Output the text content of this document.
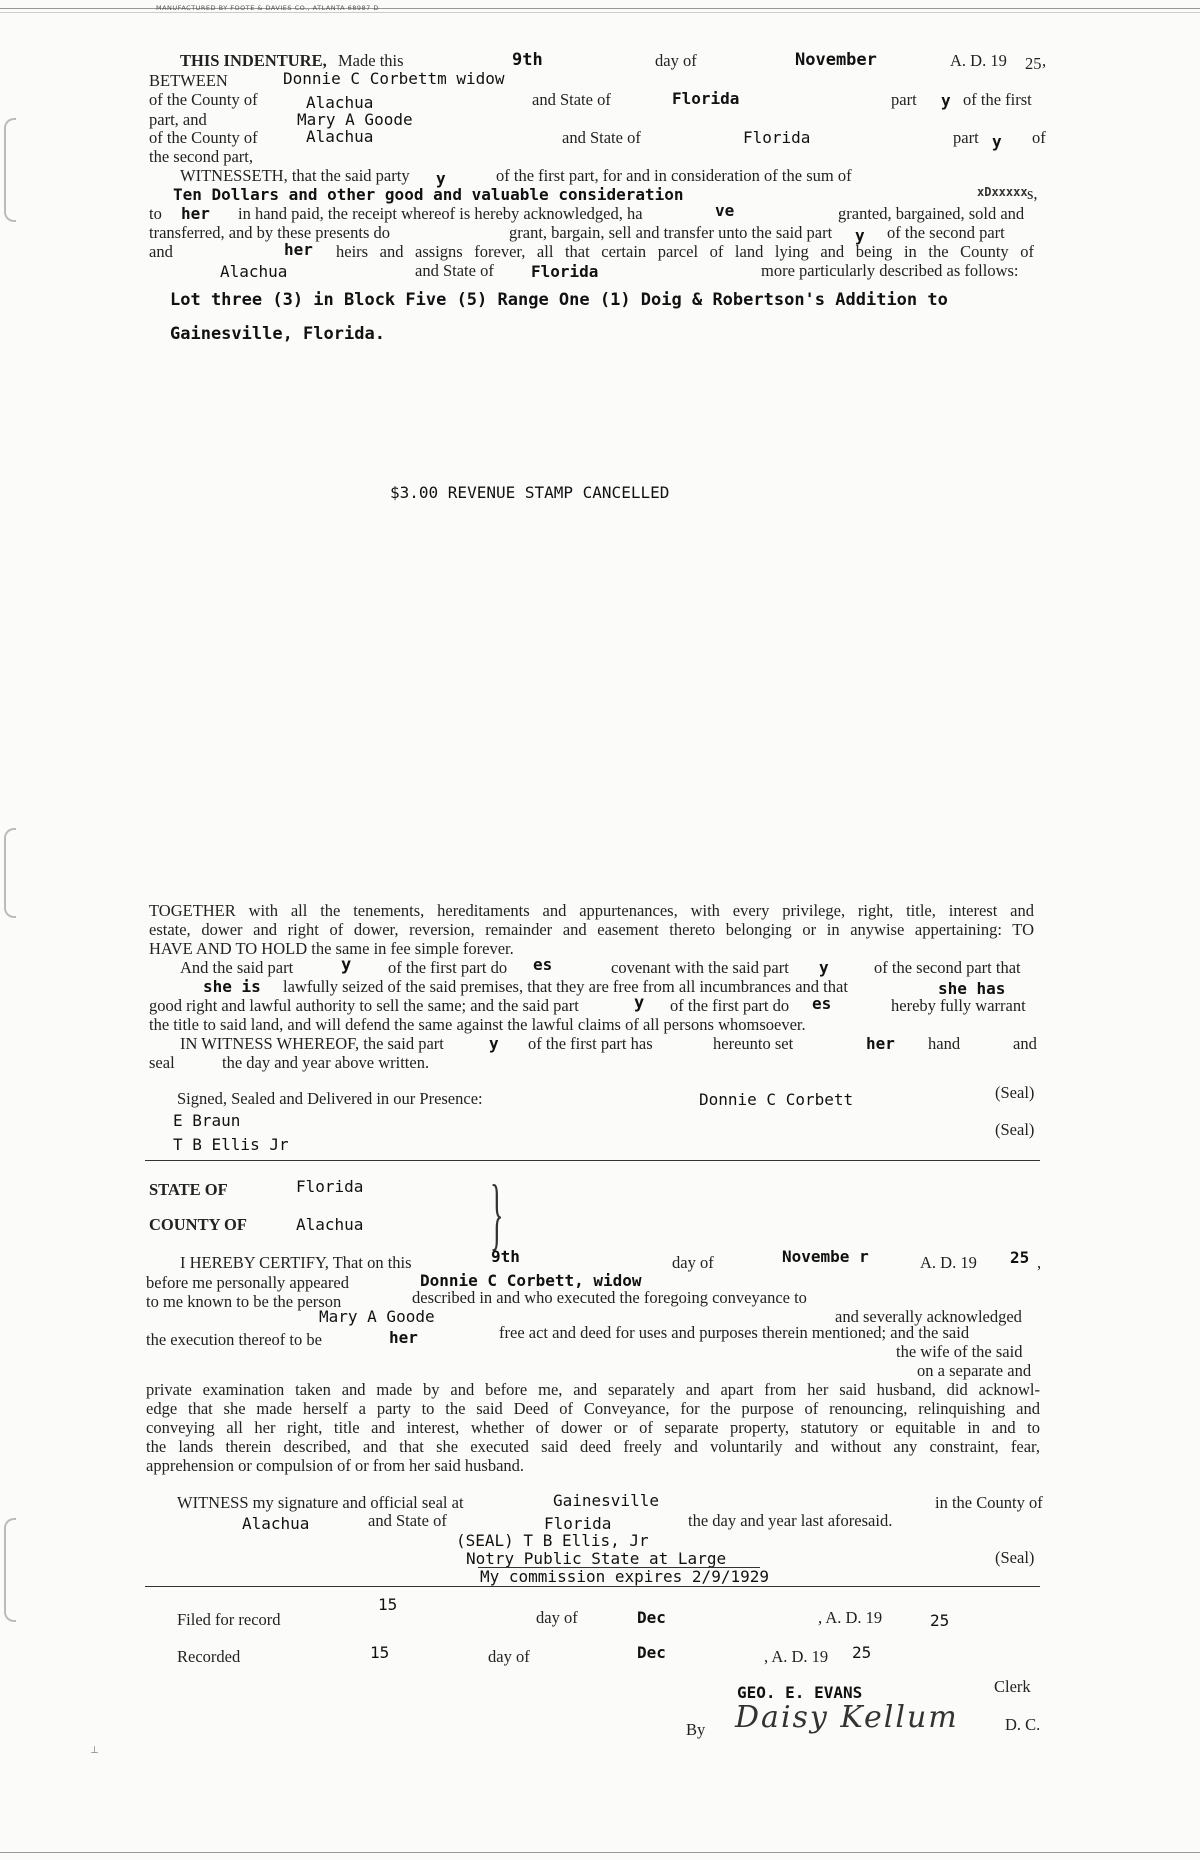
MANUFACTURED BY FOOTE & DAVIES CO., ATLANTA 68987 D
⊥
THIS INDENTURE, Made this	9th	day of	November	A. D. 19 25 ,
BETWEEN	Donnie C Corbettm widow
of the County of	Alachua	and State of	Florida	part y of the first
part, and	Mary A Goode
of the County of	Alachua	and State of	Florida	part y of
the second part,
WITNESSETH, that the said party y	of the first part, for and in consideration of the sum of
Ten Dollars and other good and valuable consideration	xDxxxxx s,
to her in hand paid, the receipt whereof is hereby acknowledged, ha	ve	granted, bargained, sold and
transferred, and by these presents do	grant, bargain, sell and transfer unto the said part y of the second part
and	her heirs and assigns forever, all that certain parcel of land lying and being in the County of
Alachua	and State of Florida	more particularly described as follows:
Lot three (3) in Block Five (5) Range One (1) Doig & Robertson's Addition to
Gainesville, Florida.
$3.00 REVENUE STAMP CANCELLED
TOGETHER with all the tenements, hereditaments and appurtenances, with every privilege, right, title, interest and
estate, dower and right of dower, reversion, remainder and easement thereto belonging or in anywise appertaining: TO
HAVE AND TO HOLD the same in fee simple forever.
And the said part	y of the first part do es	covenant with the said part y	of the second part that
she is lawfully seized of the said premises, that they are free from all incumbrances and that	she has
good right and lawful authority to sell the same; and the said part	y of the first part do es	hereby fully warrant
the title to said land, and will defend the same against the lawful claims of all persons whomsoever.
IN WITNESS WHEREOF, the said part	y of the first part has	hereunto set	her hand	and
seal	the day and year above written.
Signed, Sealed and Delivered in our Presence:	Donnie C Corbett	(Seal)
E Braun	(Seal)
T B Ellis Jr
STATE OF	Florida }
COUNTY OF	Alachua
I HEREBY CERTIFY, That on this	9th	day of	Novembe r	A. D. 19 25 ,
before me personally appeared	Donnie C Corbett, widow
to me known to be the person	described in and who executed the foregoing conveyance to
Mary A Goode	and severally acknowledged
the execution thereof to be	her	free act and deed for uses and purposes therein mentioned; and the said
the wife of the said
on a separate and
private examination taken and made by and before me, and separately and apart from her said husband, did acknowl-
edge that she made herself a party to the said Deed of Conveyance, for the purpose of renouncing, relinquishing and
conveying all her right, title and interest, whether of dower or of separate property, statutory or equitable in and to
the lands therein described, and that she executed said deed freely and voluntarily and without any constraint, fear,
apprehension or compulsion of or from her said husband.
WITNESS my signature and official seal at	Gainesville	in the County of
Alachua	and State of	Florida	the day and year last aforesaid.
(SEAL) T B Ellis, Jr
Notry Public State at Large	(Seal)
My commission expires 2/9/1929
Filed for record
15
day of	Dec	, A. D. 19	25
Recorded	15	day of	Dec	, A. D. 19 25
GEO. E. EVANS	Clerk
By Daisy Kellum	D. C.
